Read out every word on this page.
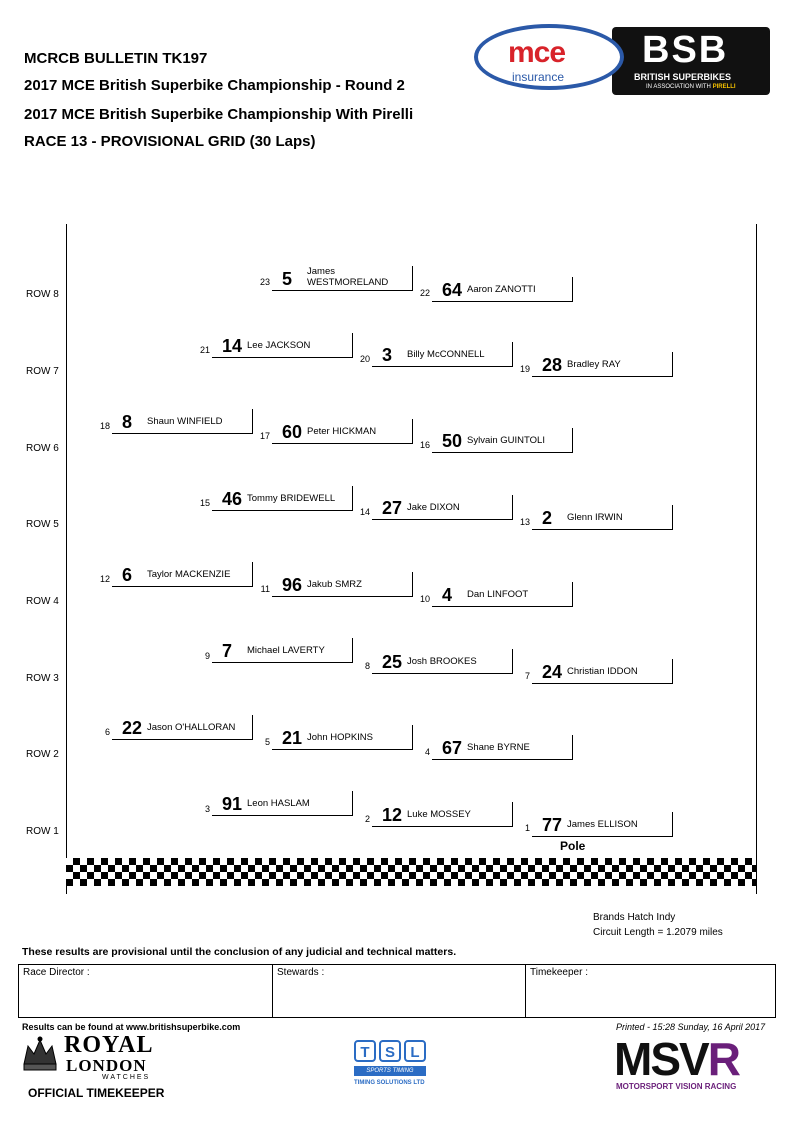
MCRCB BULLETIN TK197
2017 MCE British Superbike Championship - Round 2
2017 MCE British Superbike Championship With Pirelli
RACE 13 - PROVISIONAL GRID (30 Laps)
BSB
BRITISH SUPERBIKES
IN ASSOCIATION WITH PIRELLI
mce
insurance
ROW 8
ROW 7
ROW 6
ROW 5
ROW 4
ROW 3
ROW 2
ROW 1
23 5 James
WESTMORELAND
22 64 Aaron ZANOTTI
21 14 Lee JACKSON
20 3 Billy McCONNELL
19 28 Bradley RAY
18 8 Shaun WINFIELD
17 60 Peter HICKMAN
16 50 Sylvain GUINTOLI
15 46 Tommy BRIDEWELL
14 27 Jake DIXON
13 2 Glenn IRWIN
12 6 Taylor MACKENZIE
11 96 Jakub SMRZ
10 4 Dan LINFOOT
9 7 Michael LAVERTY
8 25 Josh BROOKES
7 24 Christian IDDON
6 22 Jason O'HALLORAN
5 21 John HOPKINS
4 67 Shane BYRNE
3 91 Leon HASLAM
2 12 Luke MOSSEY
1 77 James ELLISON
Pole
Brands Hatch Indy
Circuit Length = 1.2079 miles
These results are provisional until the conclusion of any judicial and technical matters.
Race Director :	Stewards :	Timekeeper :
Results can be found at www.britishsuperbike.com	Printed - 15:28 Sunday, 16 April 2017
ROYAL
LONDON
WATCHES
OFFICIAL TIMEKEEPER
T	S	L
SPORTS TIMING
TIMING SOLUTIONS LTD	MSVR
MOTORSPORT VISION RACING
